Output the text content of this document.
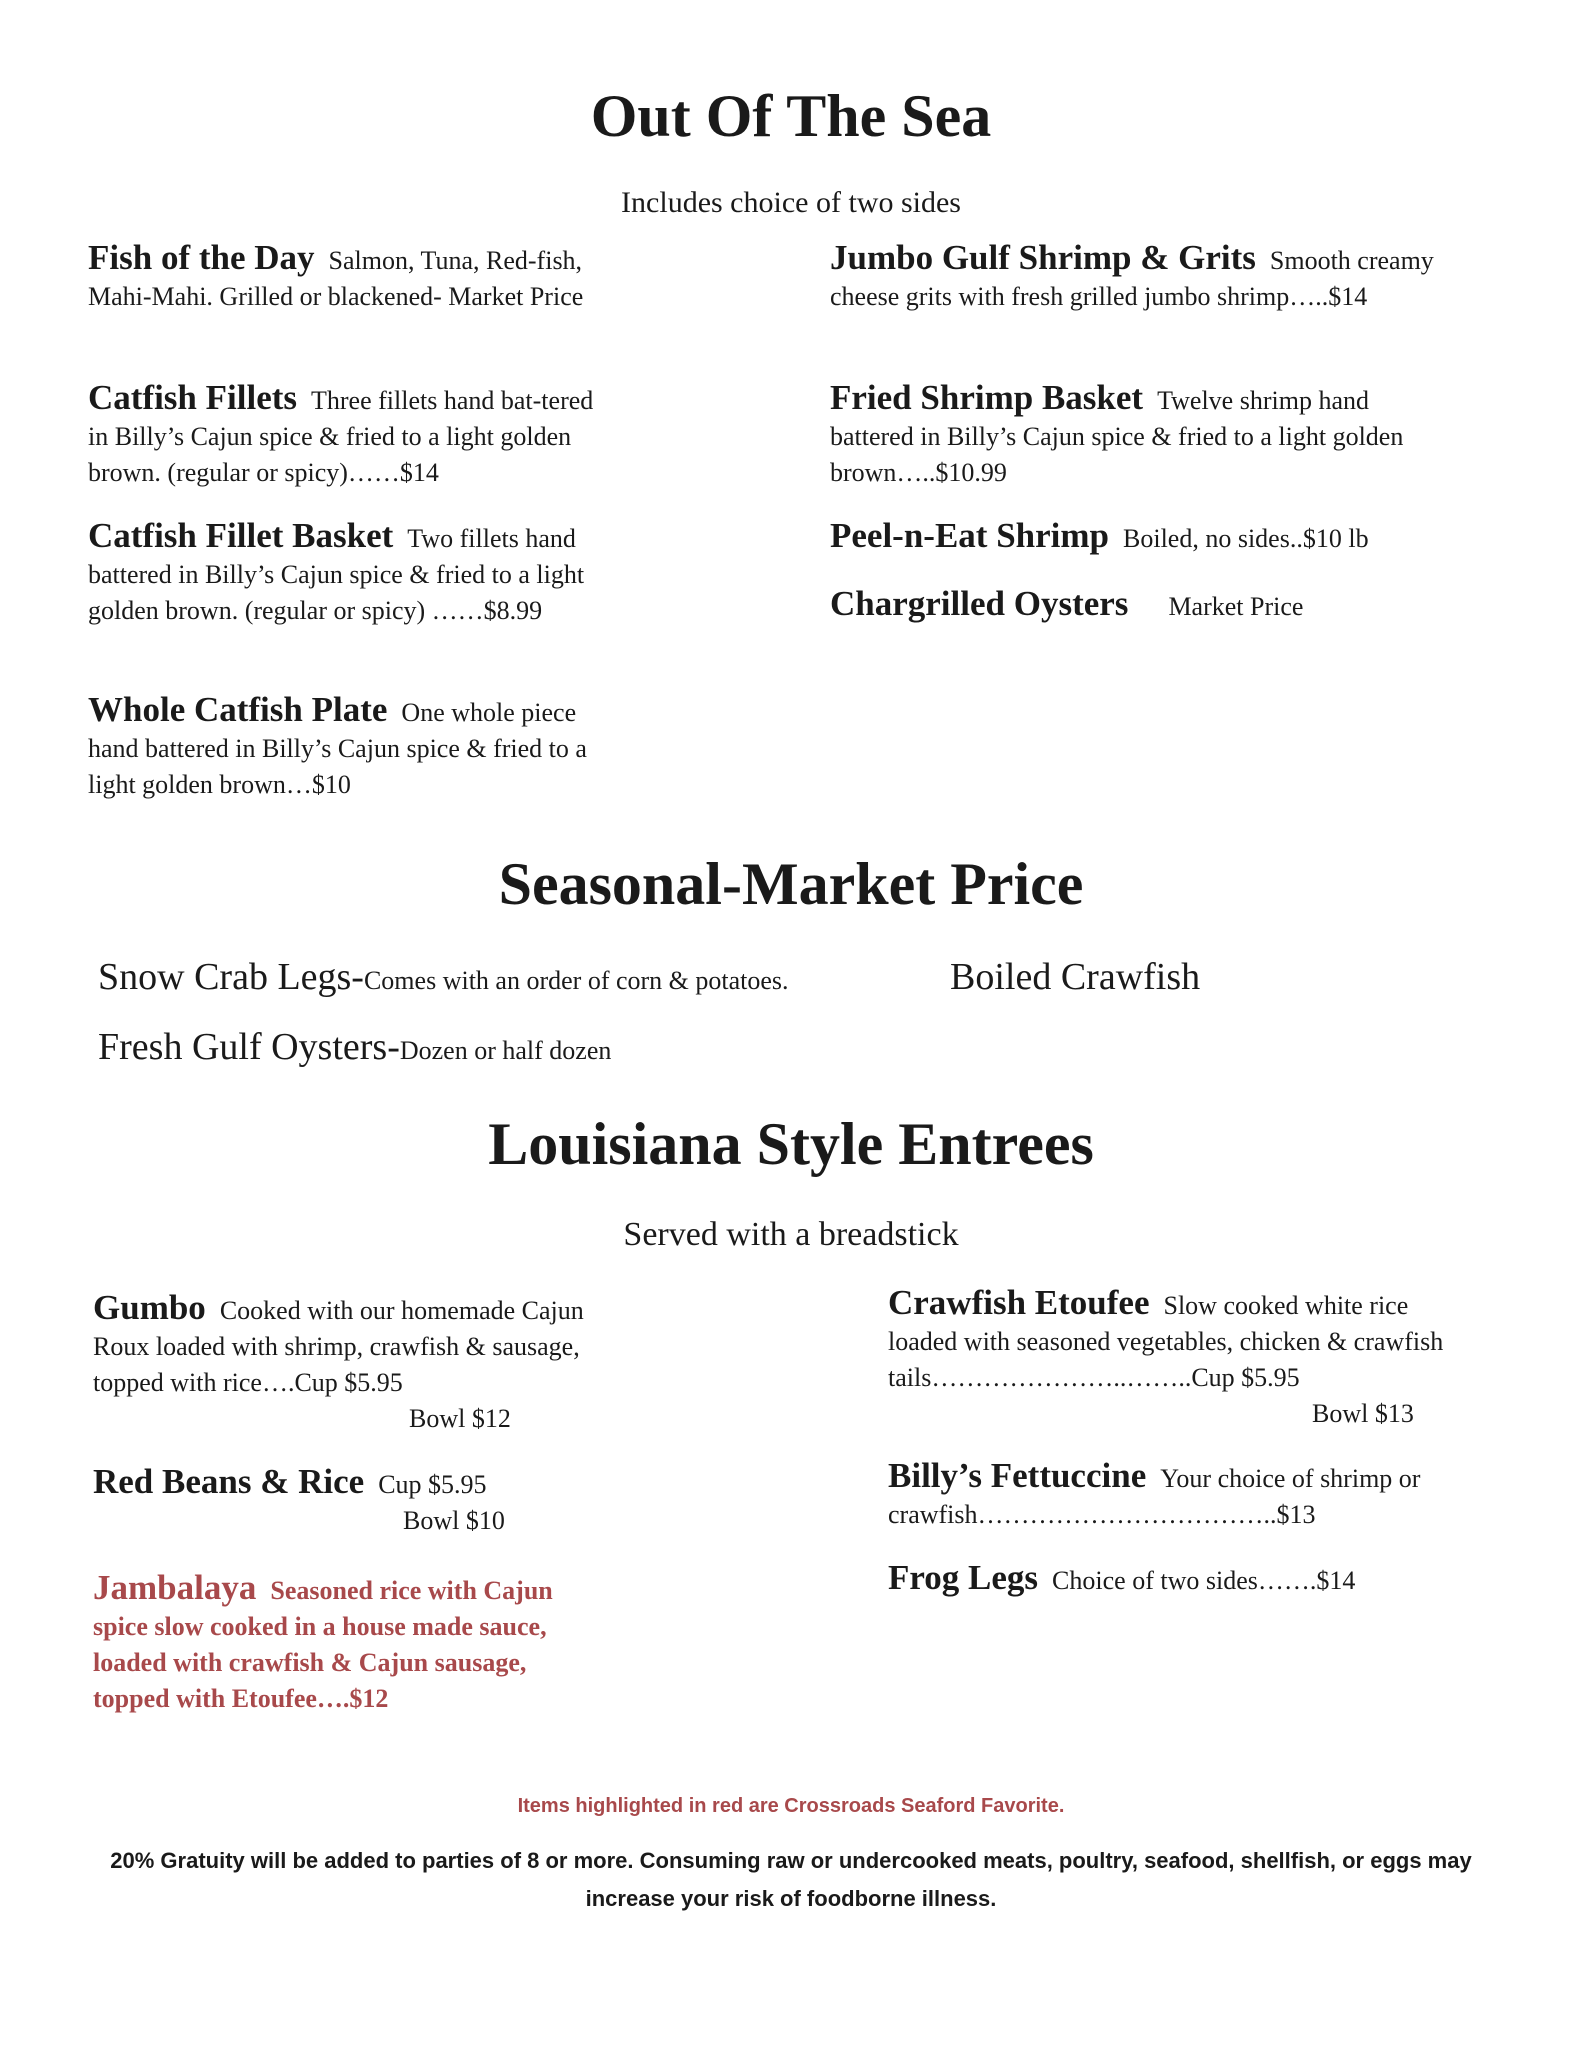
Out Of The Sea
Includes choice of two sides
Fish of the Day Salmon, Tuna, Red-fish, Mahi-Mahi. Grilled or blackened- Market Price
Catfish Fillets Three fillets hand bat-tered in Billy’s Cajun spice & fried to a light golden brown. (regular or spicy)……$14
Catfish Fillet Basket Two fillets hand battered in Billy’s Cajun spice & fried to a light golden brown. (regular or spicy) ……$8.99
Whole Catfish Plate One whole piece hand battered in Billy’s Cajun spice & fried to a light golden brown…$10
Jumbo Gulf Shrimp & Grits Smooth creamy cheese grits with fresh grilled jumbo shrimp…..$14
Fried Shrimp Basket Twelve shrimp hand battered in Billy’s Cajun spice & fried to a light golden brown…..$10.99
Peel-n-Eat Shrimp Boiled, no sides..$10 lb
Chargrilled Oysters Market Price
Seasonal-Market Price
Snow Crab Legs-Comes with an order of corn & potatoes.	Boiled Crawfish
Fresh Gulf Oysters-Dozen or half dozen
Louisiana Style Entrees
Served with a breadstick
Gumbo Cooked with our homemade Cajun Roux loaded with shrimp, crawfish & sausage, topped with rice….Cup $5.95
Bowl $12
Red Beans & Rice Cup $5.95
Bowl $10
Jambalaya Seasoned rice with Cajun spice slow cooked in a house made sauce, loaded with crawfish & Cajun sausage, topped with Etoufee….$12
Crawfish Etoufee Slow cooked white rice loaded with seasoned vegetables, chicken & crawfish tails…………………..……..Cup $5.95
Bowl $13
Billy’s Fettuccine Your choice of shrimp or crawfish……………………………..$13
Frog Legs Choice of two sides…….$14
Items highlighted in red are Crossroads Seaford Favorite.
20% Gratuity will be added to parties of 8 or more. Consuming raw or undercooked meats, poultry, seafood, shellfish, or eggs may increase your risk of foodborne illness.
